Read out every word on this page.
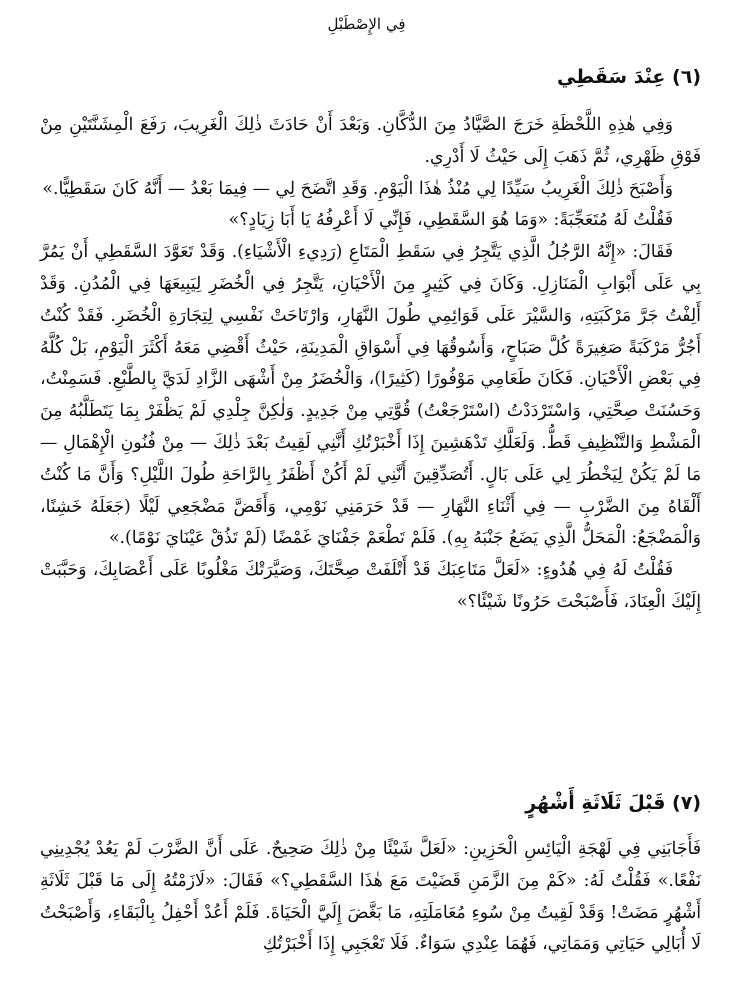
فِي الإِصْطَبْلِ
(٦) عِنْدَ سَقَطِي

وَفِي هٰذِهِ اللَّحْظَةِ خَرَجَ الصَّيَّادُ مِنَ الدُّكَّانِ. وَبَعْدَ أَنْ حَادَثَ ذٰلِكَ الْغَرِيبَ، رَفَعَ الْمِشَنَّتَيْنِ مِنْ فَوْقِ ظَهْرِي، ثُمَّ ذَهَبَ إِلَى حَيْثُ لَا أَدْرِي.

وَأَصْبَحَ ذٰلِكَ الْغَرِيبُ سَيِّدًا لِي مُنْذُ هٰذَا الْيَوْمِ. وَقَدِ اتَّضَحَ لِي — فِيمَا بَعْدُ — أَنَّهُ كَانَ سَقَطِيًّا.»

فَقُلْتُ لَهُ مُتَعَجِّبَةً: «وَمَا هُوَ السَّقَطِي، فَإِنِّي لَا أَعْرِفُهُ يَا أَبَا زِيَادٍ؟»

فَقَالَ: «إِنَّهُ الرَّجُلُ الَّذِي يَتَّجِرُ فِي سَقَطِ الْمَتَاعِ (رَدِيءِ الْأَشْيَاءِ). وَقَدْ تَعَوَّدَ السَّقَطِي أَنْ يَمُرَّ بِي عَلَى أَبْوَابِ الْمَنَازِلِ. وَكَانَ فِي كَثِيرٍ مِنَ الْأَحْيَانِ، يَتَّجِرُ فِي الْخُضَرِ لِيَبِيعَهَا فِي الْمُدُنِ. وَقَدْ أَلِفْتُ جَرَّ مَرْكَبَتِهِ، وَالسَّيْرَ عَلَى قَوَائِمِي طُولَ النَّهَارِ، وَارْتَاحَتْ نَفْسِي لِتِجَارَةِ الْخُضَرِ. فَقَدْ كُنْتُ أَجُرُّ مَرْكَبَةً صَغِيرَةً كُلَّ صَبَاحٍ، وَأَسُوقُهَا فِي أَسْوَاقِ الْمَدِينَةِ، حَيْثُ أَقْضِي مَعَهُ أَكْثَرَ الْيَوْمِ، بَلْ كُلَّهُ فِي بَعْضِ الْأَحْيَانِ. فَكَانَ طَعَامِي مَوْفُورًا (كَثِيرًا)، وَالْخُضَرُ مِنْ أَشْهَى الزَّادِ لَدَيَّ بِالطَّبْعِ. فَسَمِنْتُ، وَحَسُنَتْ صِحَّتِي، وَاسْتَرْدَدْتُ (اسْتَرْجَعْتُ) قُوَّتِي مِنْ جَدِيدٍ. وَلٰكِنَّ جِلْدِي لَمْ يَظْفَرْ بِمَا يَتَطَلَّبُهُ مِنَ الْمَشْطِ وَالتَّنْظِيفِ قَطُّ. وَلَعَلَّكِ تَدْهَشِينَ إِذَا أَخْبَرْتُكِ أَنَّنِي لَقِيتُ بَعْدَ ذٰلِكَ — مِنْ فُنُونِ الْإِهْمَالِ — مَا لَمْ يَكُنْ لِيَخْطُرَ لِي عَلَى بَالٍ. أَتُصَدِّقِينَ أَنَّنِي لَمْ أَكُنْ أَظْفَرُ بِالرَّاحَةِ طُولَ اللَّيْلِ؟ وَأَنَّ مَا كُنْتُ أَلْقَاهُ مِنَ الضَّرْبِ — فِي أَثْنَاءِ النَّهَارِ — قَدْ حَرَمَنِي نَوْمِي، وَأَقَضَّ مَضْجَعِي لَيْلًا (جَعَلَهُ خَشِنًا، وَالْمَضْجَعُ: الْمَحَلُّ الَّذِي يَضَعُ جَنْبَهُ بِهِ). فَلَمْ تَطْعَمْ جَفْنَايَ غَمْضًا (لَمْ تَذُقْ عَيْنَايَ نَوْمًا).»

فَقُلْتُ لَهُ فِي هُدُوءٍ: «لَعَلَّ مَتَاعِبَكَ قَدْ أَتْلَفَتْ صِحَّتَكَ، وَصَيَّرَتْكَ مَغْلُوبًا عَلَى أَعْصَابِكَ، وَحَبَّبَتْ إِلَيْكَ الْعِنَادَ، فَأَصْبَحْتَ حَرُونًا شَيْئًا؟»

(٧) قَبْلَ ثَلَاثَةِ أَشْهُرٍ

فَأَجَابَنِي فِي لَهْجَةِ الْيَائِسِ الْحَزِينِ: «لَعَلَّ شَيْئًا مِنْ ذٰلِكَ صَحِيحٌ. عَلَى أَنَّ الضَّرْبَ لَمْ يَعُدْ يُجْدِينِي نَفْعًا.» فَقُلْتُ لَهُ: «كَمْ مِنَ الزَّمَنِ قَضَيْتَ مَعَ هٰذَا السَّقَطِي؟» فَقَالَ: «لَازَمْتُهُ إِلَى مَا قَبْلَ ثَلَاثَةِ أَشْهُرٍ مَضَتْ! وَقَدْ لَقِيتُ مِنْ سُوءِ مُعَامَلَتِهِ، مَا بَغَّضَ إِلَيَّ الْحَيَاةَ. فَلَمْ أَعُدْ أَحْفِلُ بِالْبَقَاءِ، وَأَصْبَحْتُ لَا أُبَالِي حَيَاتِي وَمَمَاتِي، فَهُمَا عِنْدِي سَوَاءٌ. فَلَا تَعْجَبِي إِذَا أَخْبَرْتُكِ
